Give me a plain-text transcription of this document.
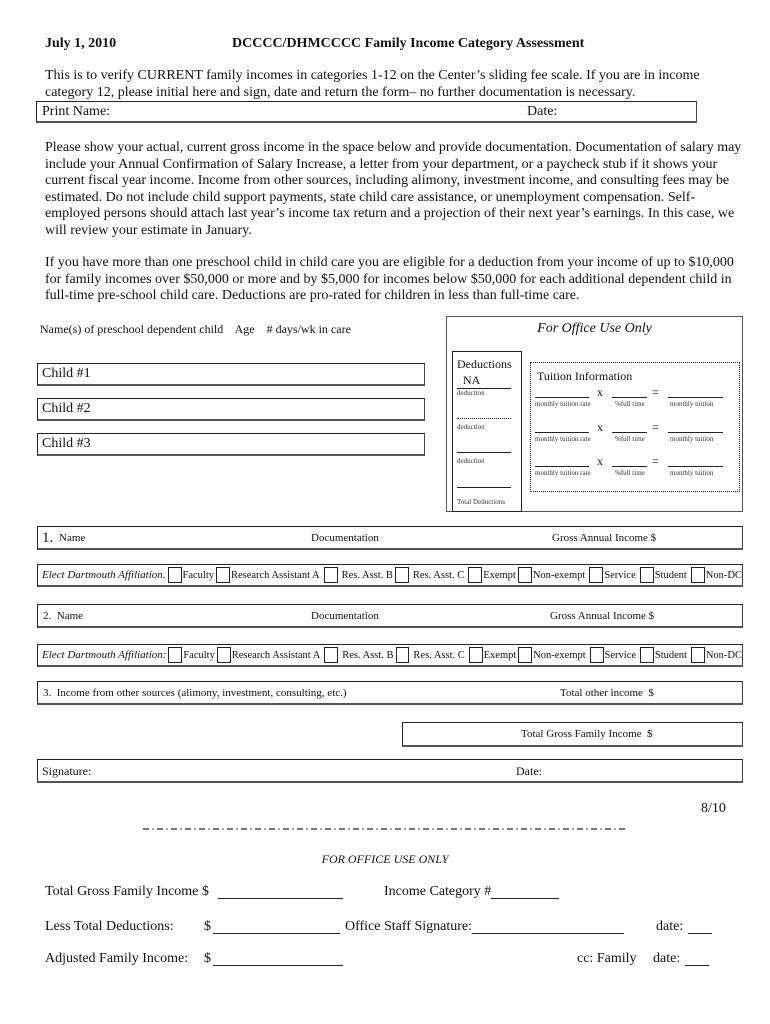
July 1, 2010	DCCCC/DHMCCCC Family Income Category Assessment
This is to verify CURRENT family incomes in categories 1-12 on the Center’s sliding fee scale. If you are in income category 12, please initial here and sign, date and return the form– no further documentation is necessary.
Print Name:	Date:
Please show your actual, current gross income in the space below and provide documentation. Documentation of salary may include your Annual Confirmation of Salary Increase, a letter from your department, or a paycheck stub if it shows your current fiscal year income. Income from other sources, including alimony, investment income, and consulting fees may be estimated. Do not include child support payments, state child care assistance, or unemployment compensation. Self-employed persons should attach last year’s income tax return and a projection of their next year’s earnings. In this case, we will review your estimate in January.
If you have more than one preschool child in child care you are eligible for a deduction from your income of up to $10,000 for family incomes over $50,000 or more and by $5,000 for incomes below $50,000 for each additional dependent child in full-time pre-school child care. Deductions are pro-rated for children in less than full-time care.
Name(s) of preschool dependent child    Age    # days/wk in care
Child #1
Child #2
Child #3
For Office Use Only
Tuition Information
Deductions
NA
deduction
deduction
deduction
Total Deductions
x	=
monthly tuition rate	%full time	monthly tuition
x	=
monthly tuition rate	%full time	monthly tuition
x	=
monthly tuition rate	%full time	monthly tuition
1. Name	Documentation	Gross Annual Income $
Elect Dartmouth Affiliation. Faculty Research Assistant A Res. Asst. B Res. Asst. C Exempt Non-exempt Service Student Non-DC
2.  Name	Documentation	Gross Annual Income $
Elect Dartmouth Affiliation: Faculty Research Assistant A Res. Asst. B Res. Asst. C Exempt Non-exempt Service Student Non-DC
3.  Income from other sources (alimony, investment, consulting, etc.)	Total other income  $
Total Gross Family Income  $
Signature:	Date:
8/10
FOR OFFICE USE ONLY
Total Gross Family Income $	Income Category #
Less Total Deductions: $	Office Staff Signature:	date:
Adjusted Family Income: $	cc: Family date:
